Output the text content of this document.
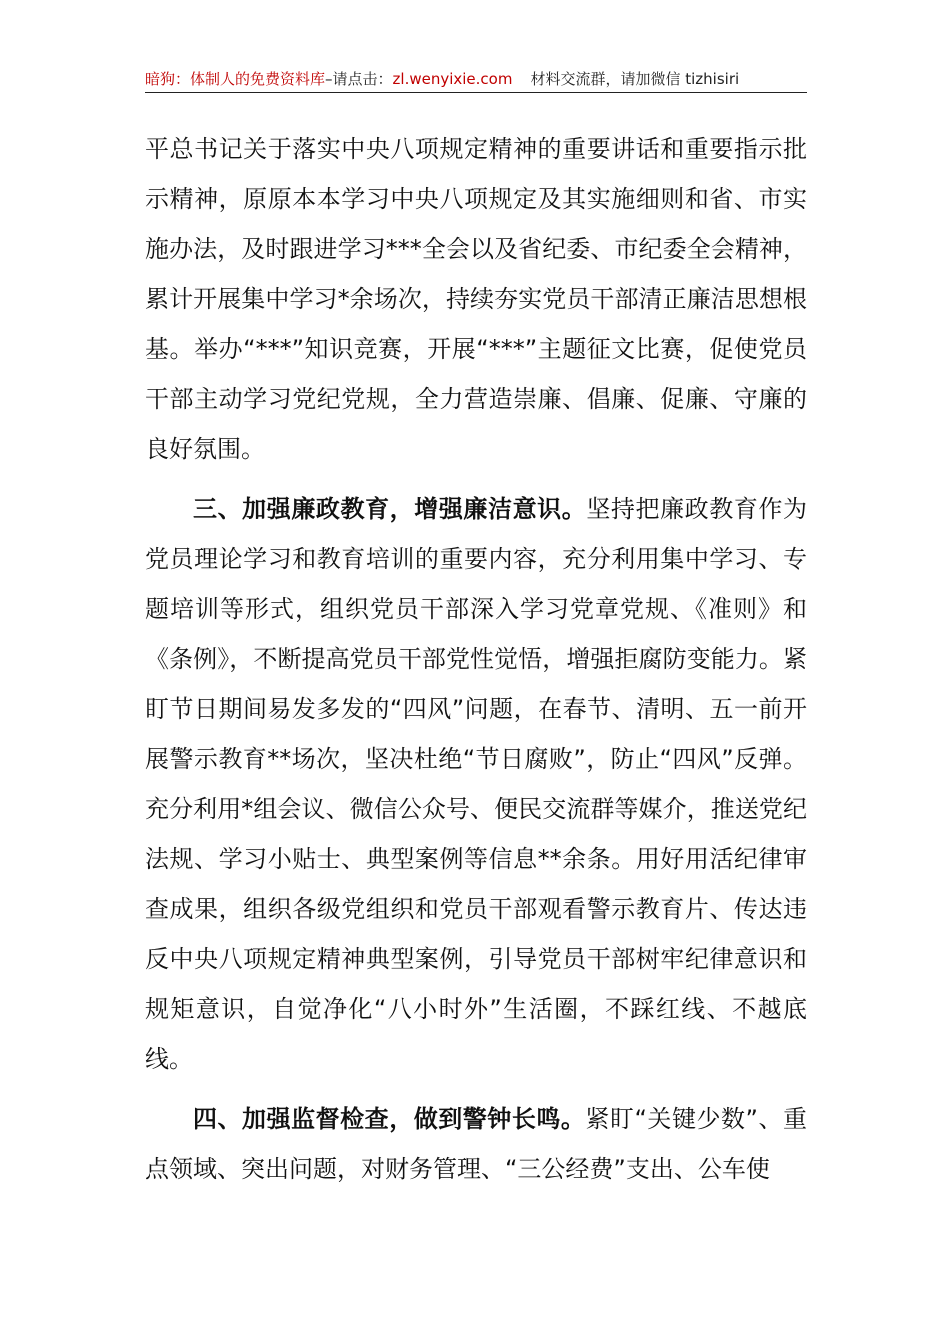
暗狗：体制人的免费资料库–请点击：zl.wenyixie.com 材料交流群，请加微信 tizhisiri

平总书记关于落实中央八项规定精神的重要讲话和重要指示批示精神，原原本本学习中央八项规定及其实施细则和省、市实施办法，及时跟进学习***全会以及省纪委、市纪委全会精神，累计开展集中学习*余场次，持续夯实党员干部清正廉洁思想根基。举办“***”知识竞赛，开展“***”主题征文比赛，促使党员干部主动学习党纪党规，全力营造崇廉、倡廉、促廉、守廉的良好氛围。

三、加强廉政教育，增强廉洁意识。坚持把廉政教育作为党员理论学习和教育培训的重要内容，充分利用集中学习、专题培训等形式，组织党员干部深入学习党章党规、《准则》和《条例》，不断提高党员干部党性觉悟，增强拒腐防变能力。紧盯节日期间易发多发的“四风”问题，在春节、清明、五一前开展警示教育**场次，坚决杜绝“节日腐败”，防止“四风”反弹。充分利用*组会议、微信公众号、便民交流群等媒介，推送党纪法规、学习小贴士、典型案例等信息**余条。用好用活纪律审查成果，组织各级党组织和党员干部观看警示教育片、传达违反中央八项规定精神典型案例，引导党员干部树牢纪律意识和规矩意识，自觉净化“八小时外”生活圈，不踩红线、不越底线。

四、加强监督检查，做到警钟长鸣。紧盯“关键少数”、重点领域、突出问题，对财务管理、“三公经费”支出、公车使
